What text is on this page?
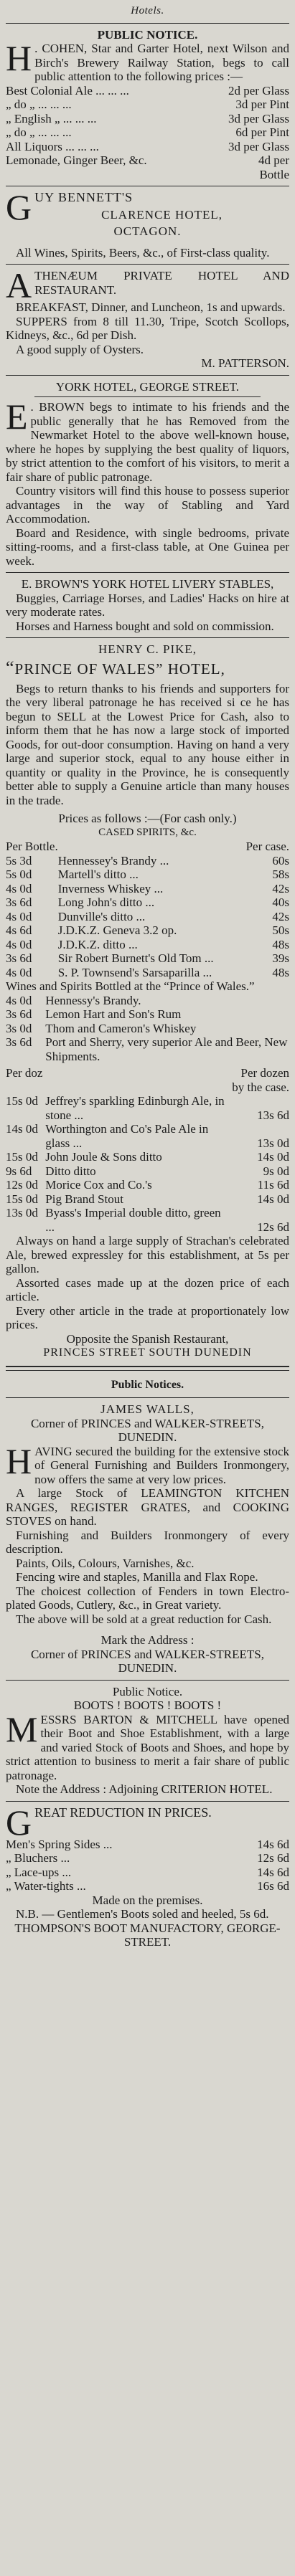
Hotels.
PUBLIC NOTICE.

H . COHEN, Star and Garter Hotel, next Wilson and Birch's Brewery Railway Station, begs to call public attention to the following prices :—

Best Colonial Ale ... ... ...	2d per Glass
„ do „ ... ... ...	3d per Pint
„ English „ ... ... ...	3d per Glass
„ do „ ... ... ...	6d per Pint
All Liquors ... ... ...	3d per Glass
Lemonade, Ginger Beer, &c.	4d per Bottle
GUY BENNETT'S
CLARENCE HOTEL,
OCTAGON.

All Wines, Spirits, Beers, &c., of First-class quality.

ATHENÆUM PRIVATE HOTEL AND RESTAURANT.

BREAKFAST, Dinner, and Luncheon, 1s and upwards.

SUPPERS from 8 till 11.30, Tripe, Scotch Scollops, Kidneys, &c., 6d per Dish.

A good supply of Oysters.

M. PATTERSON.
YORK HOTEL, GEORGE STREET.

E . BROWN begs to intimate to his friends and the public generally that he has Removed from the Newmarket Hotel to the above well-known house, where he hopes by supplying the best quality of liquors, by strict attention to the comfort of his visitors, to merit a fair share of public patronage.

Country visitors will find this house to possess superior advantages in the way of Stabling and Yard Accommodation.

Board and Residence, with single bedrooms, private sitting-rooms, and a first-class table, at One Guinea per week.

E. BROWN'S YORK HOTEL LIVERY STABLES,

Buggies, Carriage Horses, and Ladies' Hacks on hire at very moderate rates.

Horses and Harness bought and sold on commission.

HENRY C. PIKE,
“PRINCE OF WALES” HOTEL,

Begs to return thanks to his friends and supporters for the very liberal patronage he has received si ce he has begun to SELL at the Lowest Price for Cash, also to inform them that he has now a large stock of imported Goods, for out-door consumption. Having on hand a very large and superior stock, equal to any house either in quantity or quality in the Province, he is consequently better able to supply a Genuine article than many houses in the trade.

Prices as follows :—(For cash only.)
CASED SPIRITS, &c.
Per Bottle.		Per case.
5s 3d	Hennessey's Brandy ...	60s
5s 0d	Martell's ditto ...	58s
4s 0d	Inverness Whiskey ...	42s
3s 6d	Long John's ditto ...	40s
4s 0d	Dunville's ditto ...	42s
4s 6d	J.D.K.Z. Geneva 3.2 op.	50s
4s 0d	J.D.K.Z. ditto ...	48s
3s 6d	Sir Robert Burnett's Old Tom ...	39s
4s 0d	S. P. Townsend's Sarsaparilla ...	48s

Wines and Spirits Bottled at the “Prince of Wales.”

4s 0d	Hennessy's Brandy.
3s 6d	Lemon Hart and Son's Rum
3s 0d	Thom and Cameron's Whiskey
3s 6d	Port and Sherry, very superior Ale and Beer, New Shipments.
Per doz		Per dozen by the case.
15s 0d	Jeffrey's sparkling Edinburgh Ale, in stone ...	13s 6d
14s 0d	Worthington and Co's Pale Ale in glass ...	13s 0d
15s 0d	John Joule & Sons ditto	14s 0d
9s 6d	Ditto ditto	9s 0d
12s 0d	Morice Cox and Co.'s	11s 6d
15s 0d	Pig Brand Stout	14s 0d
13s 0d	Byass's Imperial double ditto, green ...	12s 6d

Always on hand a large supply of Strachan's celebrated Ale, brewed expressley for this establishment, at 5s per gallon.

Assorted cases made up at the dozen price of each article.

Every other article in the trade at proportionately low prices.

Opposite the Spanish Restaurant,
PRINCES STREET SOUTH DUNEDIN
Public Notices.
JAMES WALLS,

Corner of PRINCES and WALKER-STREETS, DUNEDIN.

HAVING secured the building for the extensive stock of General Furnishing and Builders Ironmongery, now offers the same at very low prices.

A large Stock of LEAMINGTON KITCHEN RANGES, REGISTER GRATES, and COOKING STOVES on hand.

Furnishing and Builders Ironmongery of every description.

Paints, Oils, Colours, Varnishes, &c.

Fencing wire and staples, Manilla and Flax Rope.

The choicest collection of Fenders in town Electro-plated Goods, Cutlery, &c., in Great variety.

The above will be sold at a great reduction for Cash.

Mark the Address :

Corner of PRINCES and WALKER-STREETS, DUNEDIN.

Public Notice.
BOOTS ! BOOTS ! BOOTS !

MESSRS BARTON & MITCHELL have opened their Boot and Shoe Establishment, with a large and varied Stock of Boots and Shoes, and hope by strict attention to business to merit a fair share of public patronage.

Note the Address : Adjoining CRITERION HOTEL.

GREAT REDUCTION IN PRICES.
Men's Spring Sides ...	14s 6d
„ Bluchers ...	12s 6d
„ Lace-ups ...	14s 6d
„ Water-tights ...	16s 6d
Made on the premises.

N.B. — Gentlemen's Boots soled and heeled, 5s 6d.

THOMPSON'S BOOT MANUFACTORY, GEORGE-STREET.
